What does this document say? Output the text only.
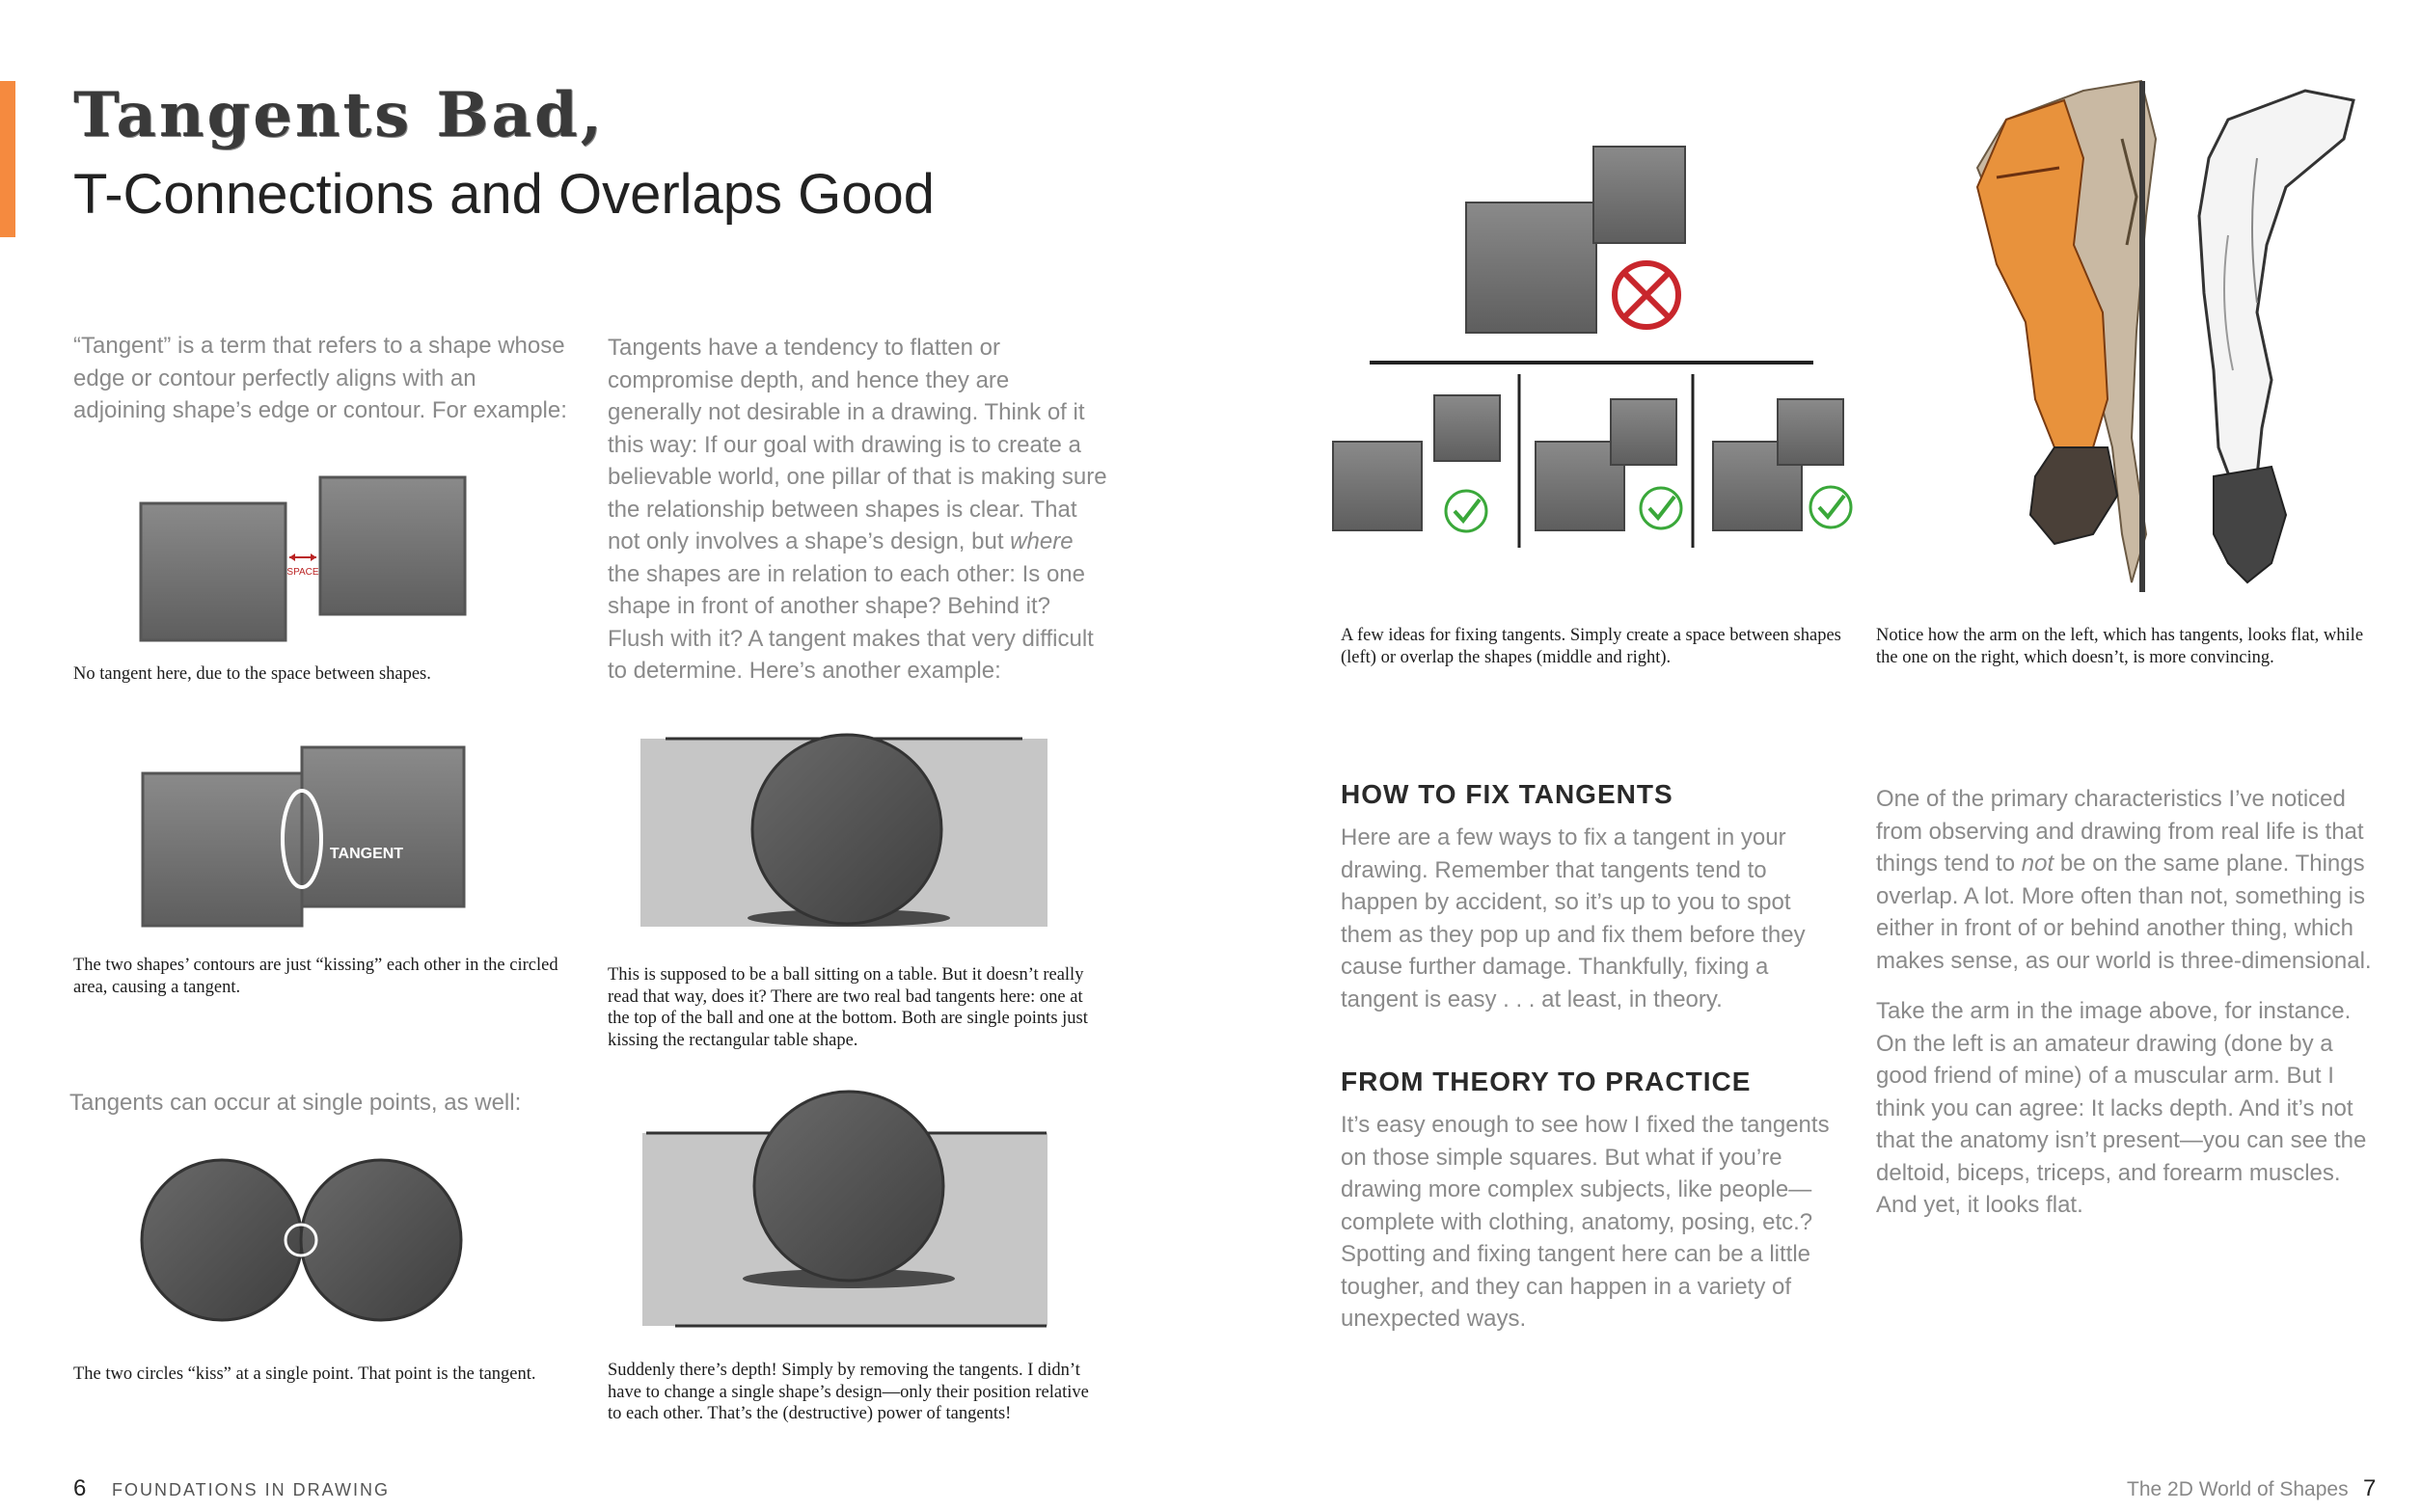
Tangents Bad,
T-Connections and Overlaps Good
“Tangent” is a term that refers to a shape whose edge or contour perfectly aligns with an adjoining shape’s edge or contour. For example:
SPACE
No tangent here, due to the space between shapes.
TANGENT
The two shapes’ contours are just “kissing” each other in the circled area, causing a tangent.
Tangents can occur at single points, as well:
The two circles “kiss” at a single point. That point is the tangent.
Tangents have a tendency to flatten or compromise depth, and hence they are generally not desirable in a drawing. Think of it this way: If our goal with drawing is to create a believable world, one pillar of that is making sure the relationship between shapes is clear. That not only involves a shape’s design, but where the shapes are in relation to each other: Is one shape in front of another shape? Behind it? Flush with it? A tangent makes that very difficult to determine. Here’s another example:
This is supposed to be a ball sitting on a table. But it doesn’t really read that way, does it? There are two real bad tangents here: one at the top of the ball and one at the bottom. Both are single points just kissing the rectangular table shape.
Suddenly there’s depth! Simply by removing the tangents. I didn’t have to change a single shape’s design—only their position relative to each other. That’s the (destructive) power of tangents!
A few ideas for fixing tangents. Simply create a space between shapes (left) or overlap the shapes (middle and right).
Notice how the arm on the left, which has tangents, looks flat, while the one on the right, which doesn’t, is more convincing.
HOW TO FIX TANGENTS
Here are a few ways to fix a tangent in your drawing. Remember that tangents tend to happen by accident, so it’s up to you to spot them as they pop up and fix them before they cause further damage. Thankfully, fixing a tangent is easy . . . at least, in theory.
FROM THEORY TO PRACTICE
It’s easy enough to see how I fixed the tangents on those simple squares. But what if you’re drawing more complex subjects, like people—complete with clothing, anatomy, posing, etc.? Spotting and fixing tangent here can be a little tougher, and they can happen in a variety of unexpected ways.
One of the primary characteristics I’ve noticed from observing and drawing from real life is that things tend to not be on the same plane. Things overlap. A lot. More often than not, something is either in front of or behind another thing, which makes sense, as our world is three-dimensional.
Take the arm in the image above, for instance. On the left is an amateur drawing (done by a good friend of mine) of a muscular arm. But I think you can agree: It lacks depth. And it’s not that the anatomy isn’t present—you can see the deltoid, biceps, triceps, and forearm muscles. And yet, it looks flat.
6 FOUNDATIONS IN DRAWING	The 2D World of Shapes 7
